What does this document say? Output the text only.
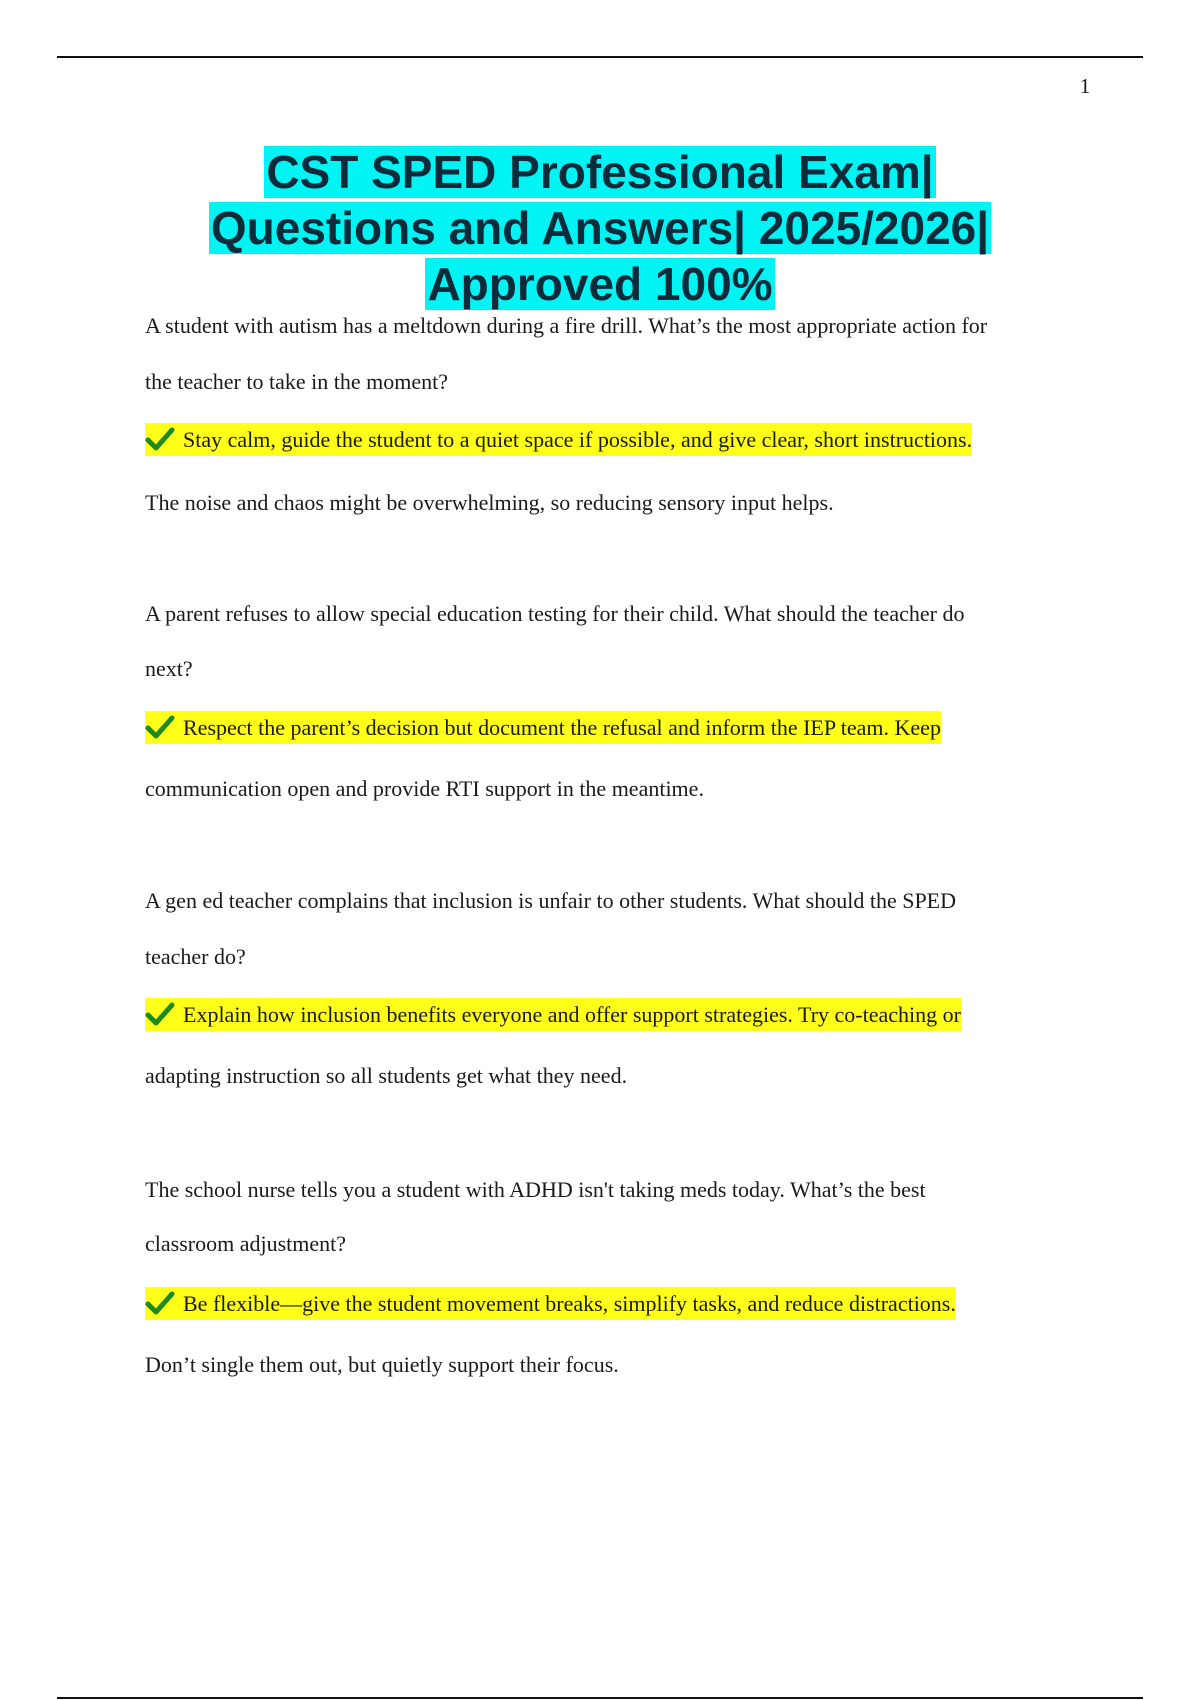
1
CST SPED Professional Exam|
Questions and Answers| 2025/2026|
Approved 100%
A student with autism has a meltdown during a fire drill. What’s the most appropriate action for
the teacher to take in the moment?
Stay calm, guide the student to a quiet space if possible, and give clear, short instructions.
The noise and chaos might be overwhelming, so reducing sensory input helps.
A parent refuses to allow special education testing for their child. What should the teacher do
next?
Respect the parent’s decision but document the refusal and inform the IEP team. Keep
communication open and provide RTI support in the meantime.
A gen ed teacher complains that inclusion is unfair to other students. What should the SPED
teacher do?
Explain how inclusion benefits everyone and offer support strategies. Try co-teaching or
adapting instruction so all students get what they need.
The school nurse tells you a student with ADHD isn't taking meds today. What’s the best
classroom adjustment?
Be flexible—give the student movement breaks, simplify tasks, and reduce distractions.
Don’t single them out, but quietly support their focus.
